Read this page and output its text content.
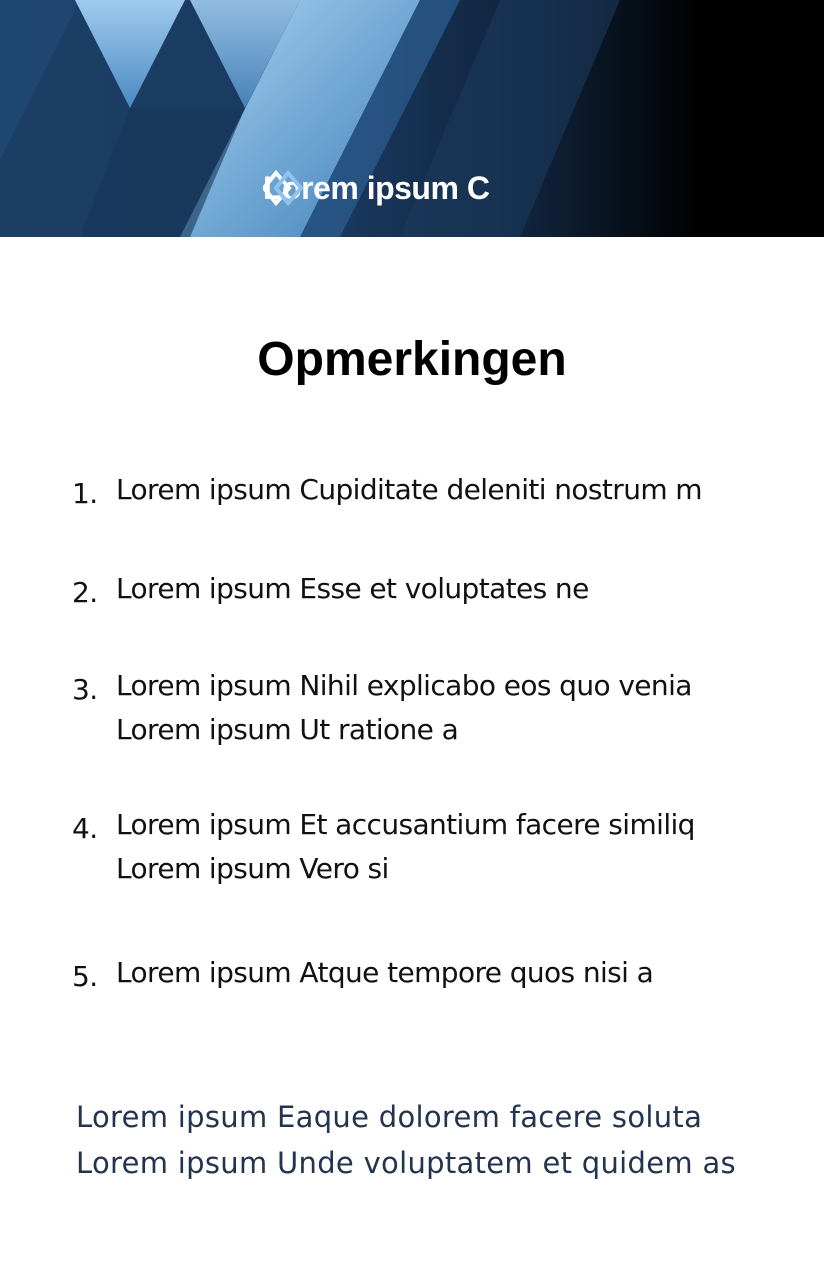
Lorem ipsum C
Opmerkingen
1. Lorem ipsum Cupiditate deleniti nostrum m
2. Lorem ipsum Esse et voluptates ne
3. Lorem ipsum Nihil explicabo eos quo venia
Lorem ipsum Ut ratione a
4. Lorem ipsum Et accusantium facere similiq
Lorem ipsum Vero si
5. Lorem ipsum Atque tempore quos nisi a
Lorem ipsum Eaque dolorem facere soluta
Lorem ipsum Unde voluptatem et quidem as
